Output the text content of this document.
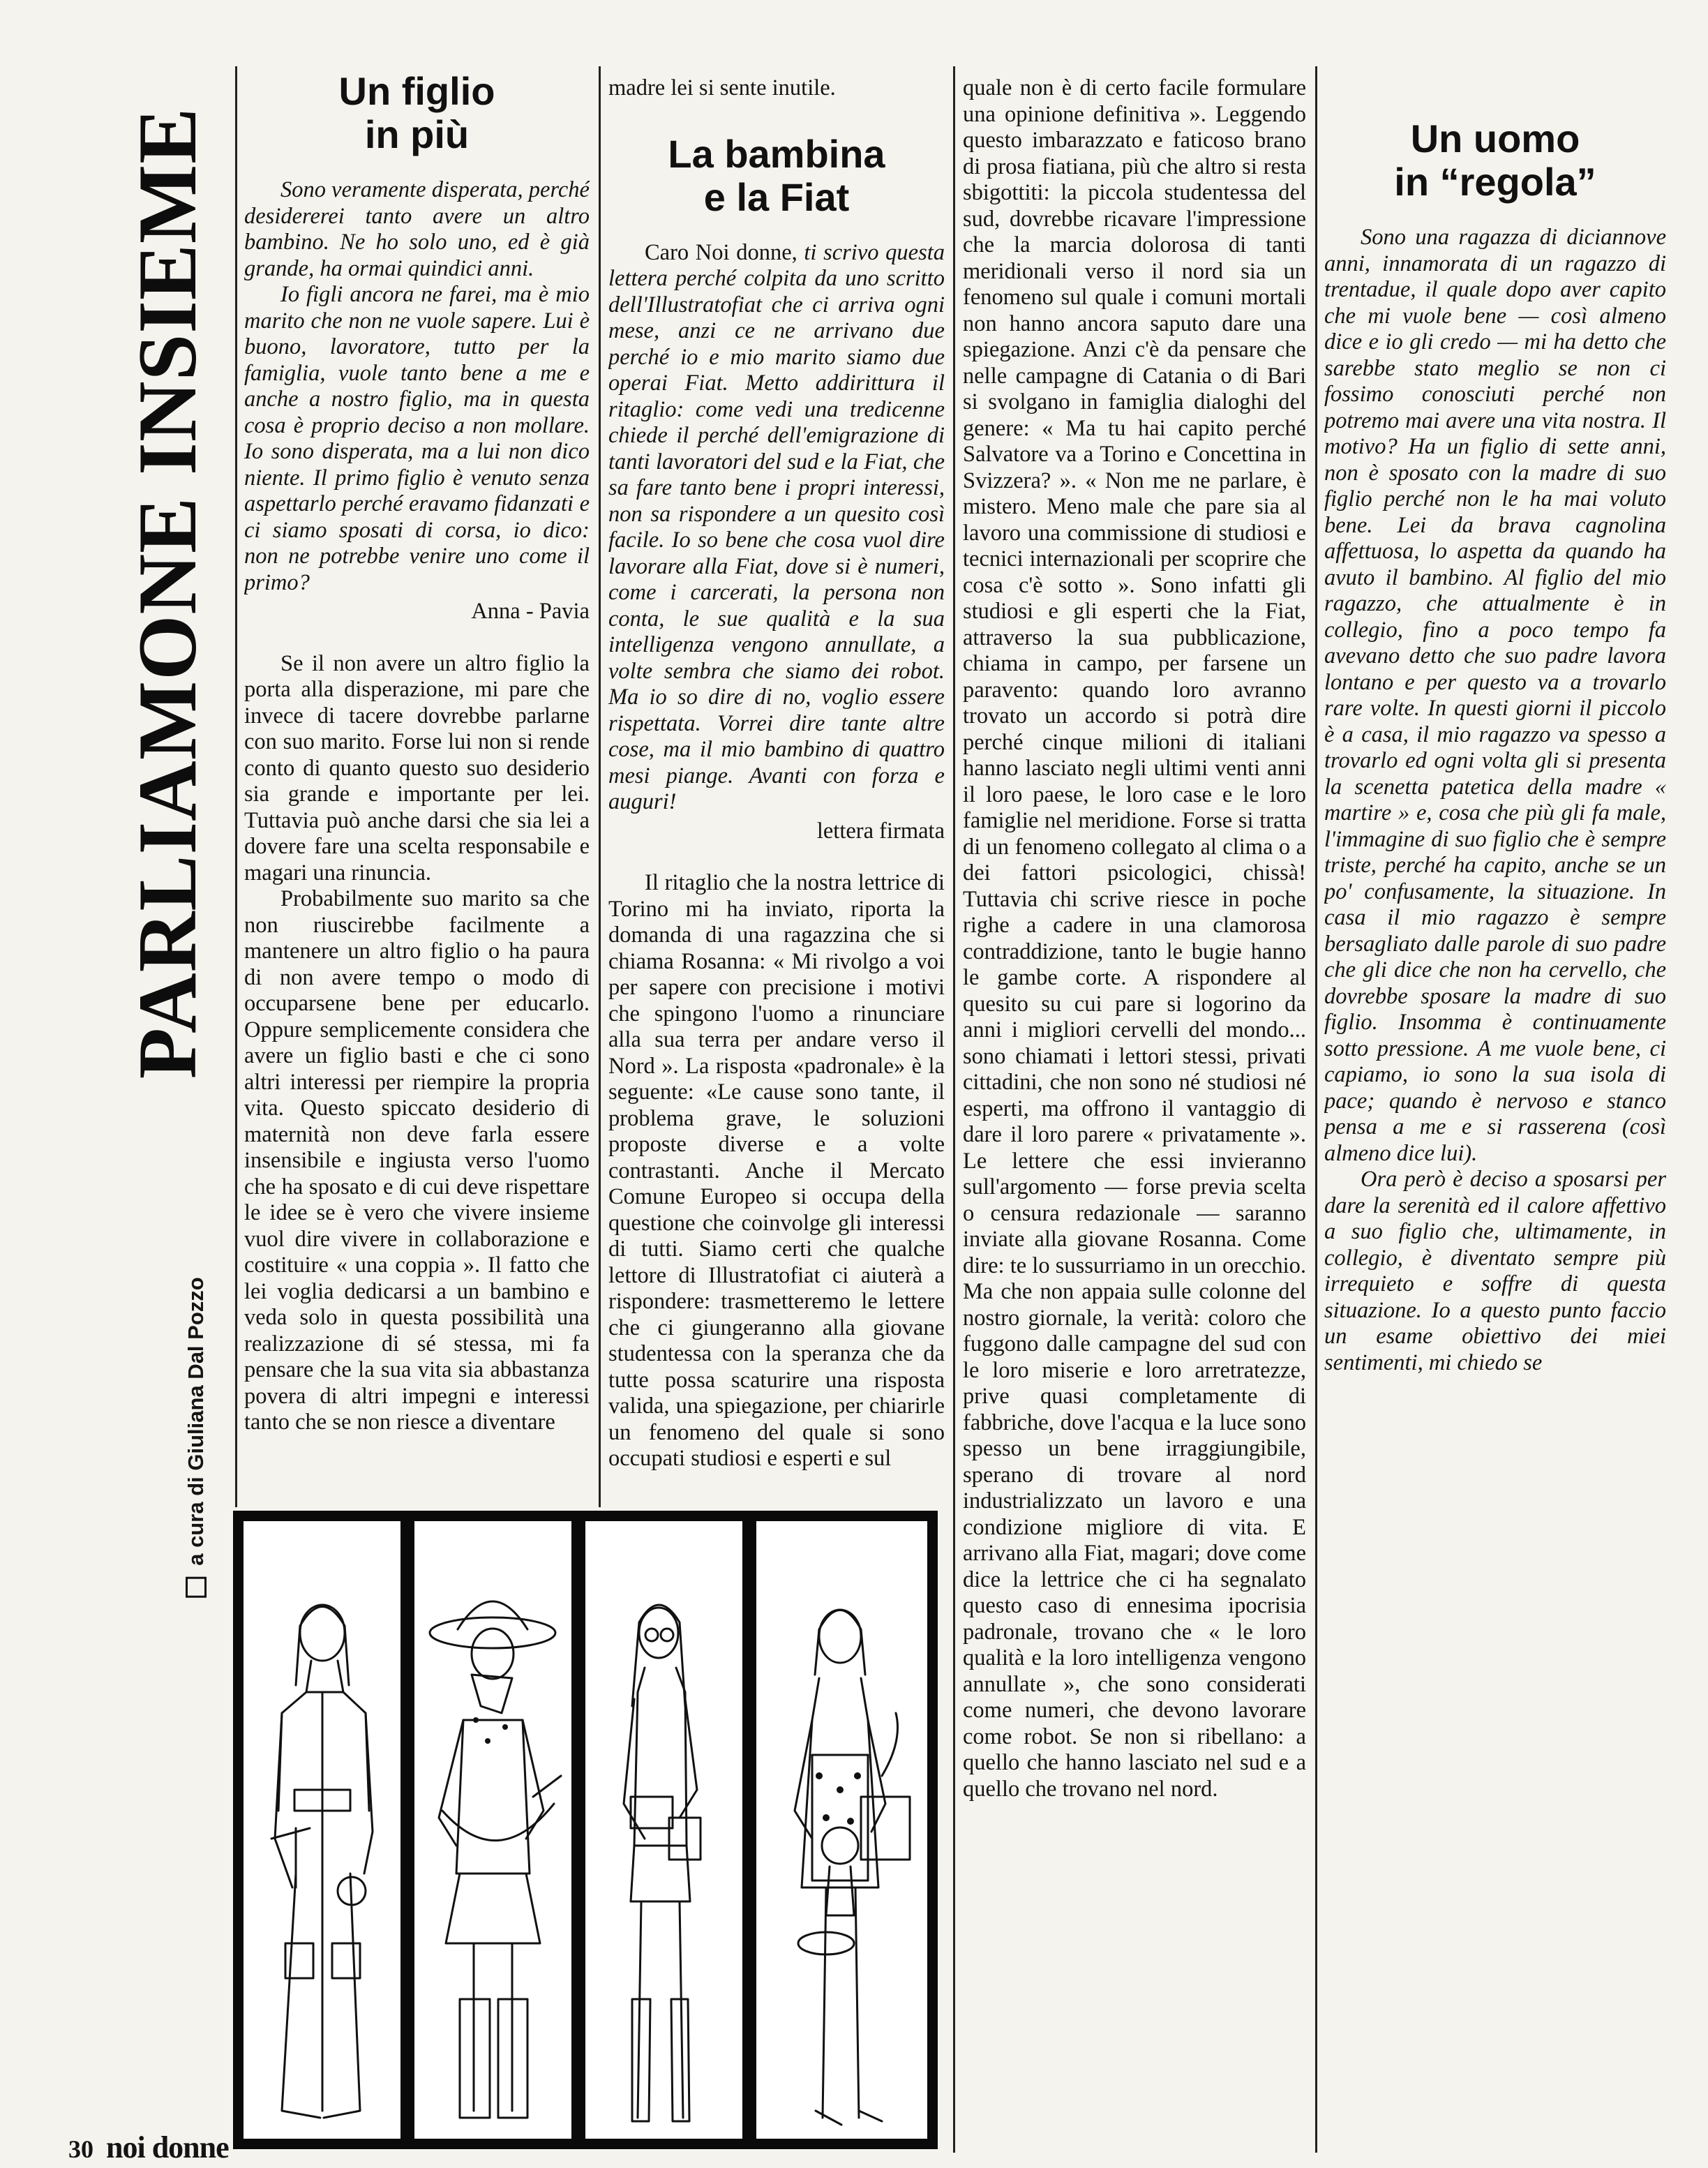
PARLIAMONE INSIEME
a cura di Giuliana Dal Pozzo
Un figlio
in più

Sono veramente disperata, perché desidererei tanto avere un altro bambino. Ne ho solo uno, ed è già grande, ha ormai quindici anni.

Io figli ancora ne farei, ma è mio marito che non ne vuole sapere. Lui è buono, lavoratore, tutto per la famiglia, vuole tanto bene a me e anche a nostro figlio, ma in questa cosa è proprio deciso a non mollare. Io sono disperata, ma a lui non dico niente. Il primo figlio è venuto senza aspettarlo perché eravamo fidanzati e ci siamo sposati di corsa, io dico: non ne potrebbe venire uno come il primo?

Anna - Pavia

Se il non avere un altro figlio la porta alla disperazione, mi pare che invece di tacere dovrebbe parlarne con suo marito. Forse lui non si rende conto di quanto questo suo desiderio sia grande e importante per lei. Tuttavia può anche darsi che sia lei a dovere fare una scelta responsabile e magari una rinuncia.

Probabilmente suo marito sa che non riuscirebbe facilmente a mantenere un altro figlio o ha paura di non avere tempo o modo di occuparsene bene per educarlo. Oppure semplicemente considera che avere un figlio basti e che ci sono altri interessi per riempire la propria vita. Questo spiccato desiderio di maternità non deve farla essere insensibile e ingiusta verso l'uomo che ha sposato e di cui deve rispettare le idee se è vero che vivere insieme vuol dire vivere in collaborazione e costituire « una coppia ». Il fatto che lei voglia dedicarsi a un bambino e veda solo in questa possibilità una realizzazione di sé stessa, mi fa pensare che la sua vita sia abbastanza povera di altri impegni e interessi tanto che se non riesce a diventare

madre lei si sente inutile.

La bambina
e la Fiat

Caro Noi donne, ti scrivo questa lettera perché colpita da uno scritto dell'Illustratofiat che ci arriva ogni mese, anzi ce ne arrivano due perché io e mio marito siamo due operai Fiat. Metto addirittura il ritaglio: come vedi una tredicenne chiede il perché dell'emigrazione di tanti lavoratori del sud e la Fiat, che sa fare tanto bene i propri interessi, non sa rispondere a un quesito così facile. Io so bene che cosa vuol dire lavorare alla Fiat, dove si è numeri, come i carcerati, la persona non conta, le sue qualità e la sua intelligenza vengono annullate, a volte sembra che siamo dei robot. Ma io so dire di no, voglio essere rispettata. Vorrei dire tante altre cose, ma il mio bambino di quattro mesi piange. Avanti con forza e auguri!

lettera firmata

Il ritaglio che la nostra lettrice di Torino mi ha inviato, riporta la domanda di una ragazzina che si chiama Rosanna: « Mi rivolgo a voi per sapere con precisione i motivi che spingono l'uomo a rinunciare alla sua terra per andare verso il Nord ». La risposta «padronale» è la seguente: «Le cause sono tante, il problema grave, le soluzioni proposte diverse e a volte contrastanti. Anche il Mercato Comune Europeo si occupa della questione che coinvolge gli interessi di tutti. Siamo certi che qualche lettore di Illustratofiat ci aiuterà a rispondere: trasmetteremo le lettere che ci giungeranno alla giovane studentessa con la speranza che da tutte possa scaturire una risposta valida, una spiegazione, per chiarirle un fenomeno del quale si sono occupati studiosi e esperti e sul

quale non è di certo facile formulare una opinione definitiva ». Leggendo questo imbarazzato e faticoso brano di prosa fiatiana, più che altro si resta sbigottiti: la piccola studentessa del sud, dovrebbe ricavare l'impressione che la marcia dolorosa di tanti meridionali verso il nord sia un fenomeno sul quale i comuni mortali non hanno ancora saputo dare una spiegazione. Anzi c'è da pensare che nelle campagne di Catania o di Bari si svolgano in famiglia dialoghi del genere: « Ma tu hai capito perché Salvatore va a Torino e Concettina in Svizzera? ». « Non me ne parlare, è mistero. Meno male che pare sia al lavoro una commissione di studiosi e tecnici internazionali per scoprire che cosa c'è sotto ». Sono infatti gli studiosi e gli esperti che la Fiat, attraverso la sua pubblicazione, chiama in campo, per farsene un paravento: quando loro avranno trovato un accordo si potrà dire perché cinque milioni di italiani hanno lasciato negli ultimi venti anni il loro paese, le loro case e le loro famiglie nel meridione. Forse si tratta di un fenomeno collegato al clima o a dei fattori psicologici, chissà! Tuttavia chi scrive riesce in poche righe a cadere in una clamorosa contraddizione, tanto le bugie hanno le gambe corte. A rispondere al quesito su cui pare si logorino da anni i migliori cervelli del mondo... sono chiamati i lettori stessi, privati cittadini, che non sono né studiosi né esperti, ma offrono il vantaggio di dare il loro parere « privatamente ». Le lettere che essi invieranno sull'argomento — forse previa scelta o censura redazionale — saranno inviate alla giovane Rosanna. Come dire: te lo sussurriamo in un orecchio. Ma che non appaia sulle colonne del nostro giornale, la verità: coloro che fuggono dalle campagne del sud con le loro miserie e loro arretratezze, prive quasi completamente di fabbriche, dove l'acqua e la luce sono spesso un bene irraggiungibile, sperano di trovare al nord industrializzato un lavoro e una condizione migliore di vita. E arrivano alla Fiat, magari; dove come dice la lettrice che ci ha segnalato questo caso di ennesima ipocrisia padronale, trovano che « le loro qualità e la loro intelligenza vengono annullate », che sono considerati come numeri, che devono lavorare come robot. Se non si ribellano: a quello che hanno lasciato nel sud e a quello che trovano nel nord.

Un uomo
in “regola”

Sono una ragazza di diciannove anni, innamorata di un ragazzo di trentadue, il quale dopo aver capito che mi vuole bene — così almeno dice e io gli credo — mi ha detto che sarebbe stato meglio se non ci fossimo conosciuti perché non potremo mai avere una vita nostra. Il motivo? Ha un figlio di sette anni, non è sposato con la madre di suo figlio perché non le ha mai voluto bene. Lei da brava cagnolina affettuosa, lo aspetta da quando ha avuto il bambino. Al figlio del mio ragazzo, che attualmente è in collegio, fino a poco tempo fa avevano detto che suo padre lavora lontano e per questo va a trovarlo rare volte. In questi giorni il piccolo è a casa, il mio ragazzo va spesso a trovarlo ed ogni volta gli si presenta la scenetta patetica della madre « martire » e, cosa che più gli fa male, l'immagine di suo figlio che è sempre triste, perché ha capito, anche se un po' confusamente, la situazione. In casa il mio ragazzo è sempre bersagliato dalle parole di suo padre che gli dice che non ha cervello, che dovrebbe sposare la madre di suo figlio. Insomma è continuamente sotto pressione. A me vuole bene, ci capiamo, io sono la sua isola di pace; quando è nervoso e stanco pensa a me e si rasserena (così almeno dice lui).

Ora però è deciso a sposarsi per dare la serenità ed il calore affettivo a suo figlio che, ultimamente, in collegio, è diventato sempre più irrequieto e soffre di questa situazione. Io a questo punto faccio un esame obiettivo dei miei sentimenti, mi chiedo se

30 noi donne
